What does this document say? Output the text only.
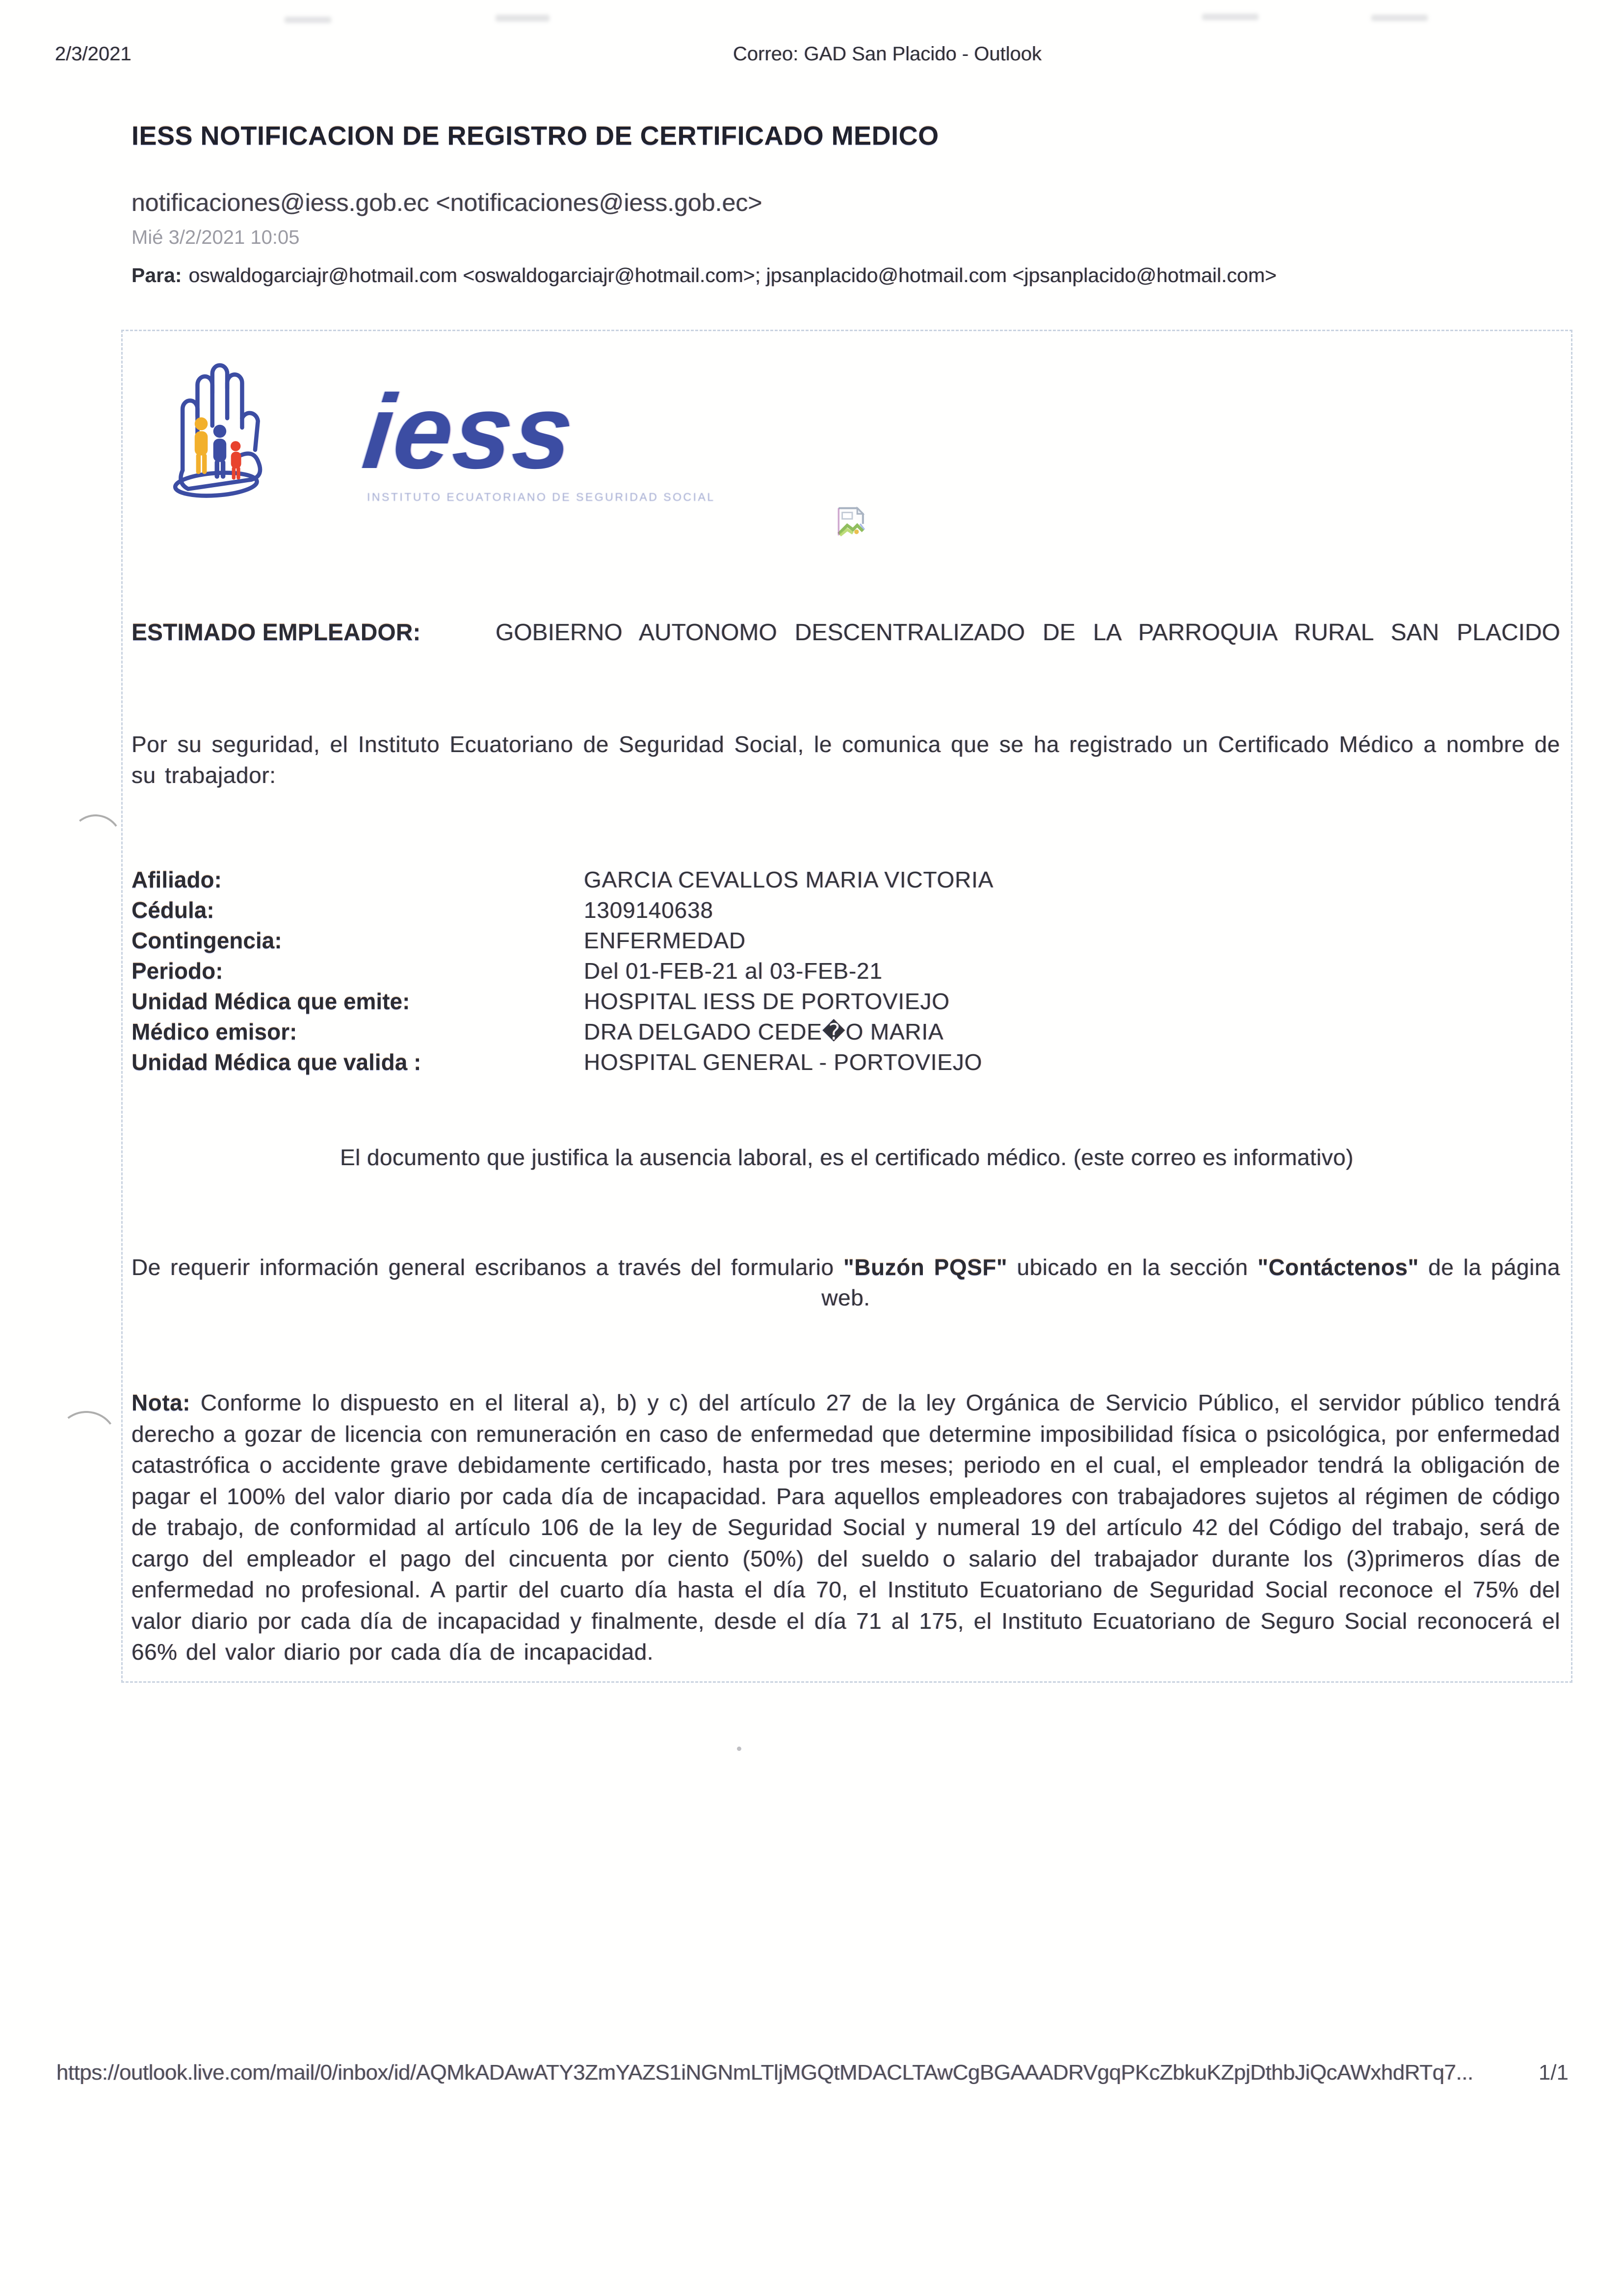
2/3/2021	Correo: GAD San Placido - Outlook
IESS NOTIFICACION DE REGISTRO DE CERTIFICADO MEDICO
notificaciones@iess.gob.ec <notificaciones@iess.gob.ec>
Mié 3/2/2021 10:05
Para: oswaldogarciajr@hotmail.com <oswaldogarciajr@hotmail.com>; jpsanplacido@hotmail.com <jpsanplacido@hotmail.com>
iess
INSTITUTO ECUATORIANO DE SEGURIDAD SOCIAL
ESTIMADO EMPLEADOR:	GOBIERNO AUTONOMO DESCENTRALIZADO DE LA PARROQUIA RURAL SAN PLACIDO
Por su seguridad, el Instituto Ecuatoriano de Seguridad Social, le comunica que se ha registrado un Certificado Médico a nombre de su trabajador:
Afiliado:	GARCIA CEVALLOS MARIA VICTORIA
Cédula:	1309140638
Contingencia:	ENFERMEDAD
Periodo:	Del 01-FEB-21 al 03-FEB-21
Unidad Médica que emite:	HOSPITAL IESS DE PORTOVIEJO
Médico emisor:	DRA DELGADO CEDE�O MARIA
Unidad Médica que valida :	HOSPITAL GENERAL - PORTOVIEJO
El documento que justifica la ausencia laboral, es el certificado médico. (este correo es informativo)
De requerir información general escribanos a través del formulario "Buzón PQSF" ubicado en la sección "Contáctenos" de la página web.
Nota: Conforme lo dispuesto en el literal a), b) y c) del artículo 27 de la ley Orgánica de Servicio Público, el servidor público tendrá derecho a gozar de licencia con remuneración en caso de enfermedad que determine imposibilidad física o psicológica, por enfermedad catastrófica o accidente grave debidamente certificado, hasta por tres meses; periodo en el cual, el empleador tendrá la obligación de pagar el 100% del valor diario por cada día de incapacidad. Para aquellos empleadores con trabajadores sujetos al régimen de código de trabajo, de conformidad al artículo 106 de la ley de Seguridad Social y numeral 19 del artículo 42 del Código del trabajo, será de cargo del empleador el pago del cincuenta por ciento (50%) del sueldo o salario del trabajador durante los (3)primeros días de enfermedad no profesional. A partir del cuarto día hasta el día 70, el Instituto Ecuatoriano de Seguridad Social reconoce el 75% del valor diario por cada día de incapacidad y finalmente, desde el día 71 al 175, el Instituto Ecuatoriano de Seguro Social reconocerá el 66% del valor diario por cada día de incapacidad.
https://outlook.live.com/mail/0/inbox/id/AQMkADAwATY3ZmYAZS1iNGNmLTljMGQtMDACLTAwCgBGAAADRVgqPKcZbkuKZpjDthbJiQcAWxhdRTq7...	1/1
